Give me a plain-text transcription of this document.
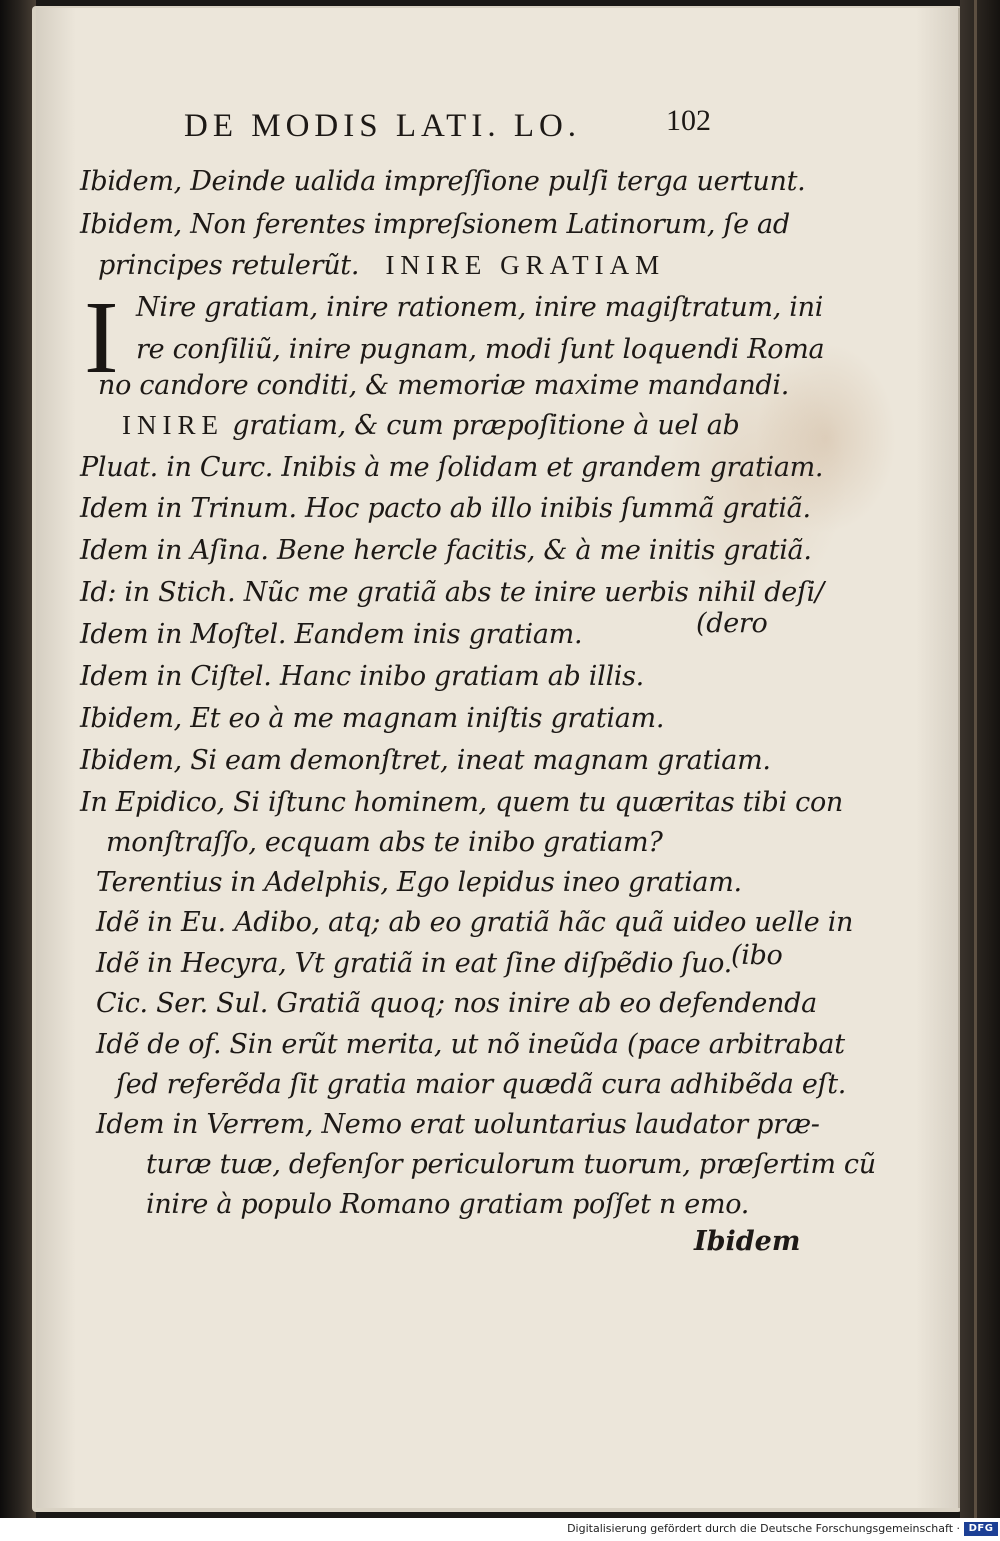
DE MODIS LATI. LO.	102
Ibidem, Deinde ualida impreſſione pulſi terga uertunt.
Ibidem, Non ferentes impreſsionem Latinorum, ſe ad
principes retulerũt. INIRE GRATIAM
I Nire gratiam, inire rationem, inire magiſtratum, ini
re conſiliũ, inire pugnam, modi ſunt loquendi Roma
no candore conditi, & memoriæ maxime mandandi.
INIRE gratiam, & cum præpoſitione à uel ab
Pluat. in Curc. Inibis à me ſolidam et grandem gratiam.
Idem in Trinum. Hoc pacto ab illo inibis ſummã gratiã.
Idem in Aſina. Bene hercle facitis, & à me initis gratiã.
Id: in Stich. Nũc me gratiã abs te inire uerbis nihil deſi/
Idem in Moſtel. Eandem inis gratiam.	(dero
Idem in Ciſtel. Hanc inibo gratiam ab illis.
Ibidem, Et eo à me magnam iniſtis gratiam.
Ibidem, Si eam demonſtret, ineat magnam gratiam.
In Epidico, Si iſtunc hominem, quem tu quæritas tibi con
monſtraſſo, ecquam abs te inibo gratiam?
Terentius in Adelphis, Ego lepidus ineo gratiam.
Idẽ in Eu. Adibo, atq; ab eo gratiã hãc quã uideo uelle in
Idẽ in Hecyra, Vt gratiã in eat ſine diſpẽdio ſuo. (ibo
Cic. Ser. Sul. Gratiã quoq; nos inire ab eo defendenda
Idẽ de of. Sin erũt merita, ut nõ ineũda (pace arbitrabat
ſed referẽda ſit gratia maior quædã cura adhibẽda eſt.
Idem in Verrem, Nemo erat uoluntarius laudator præ-
turæ tuæ, defenſor periculorum tuorum, præſertim cũ
inire à populo Romano gratiam poſſet n emo.
Ibidem
Digitalisierung gefördert durch die Deutsche Forschungsgemeinschaft · DFG
